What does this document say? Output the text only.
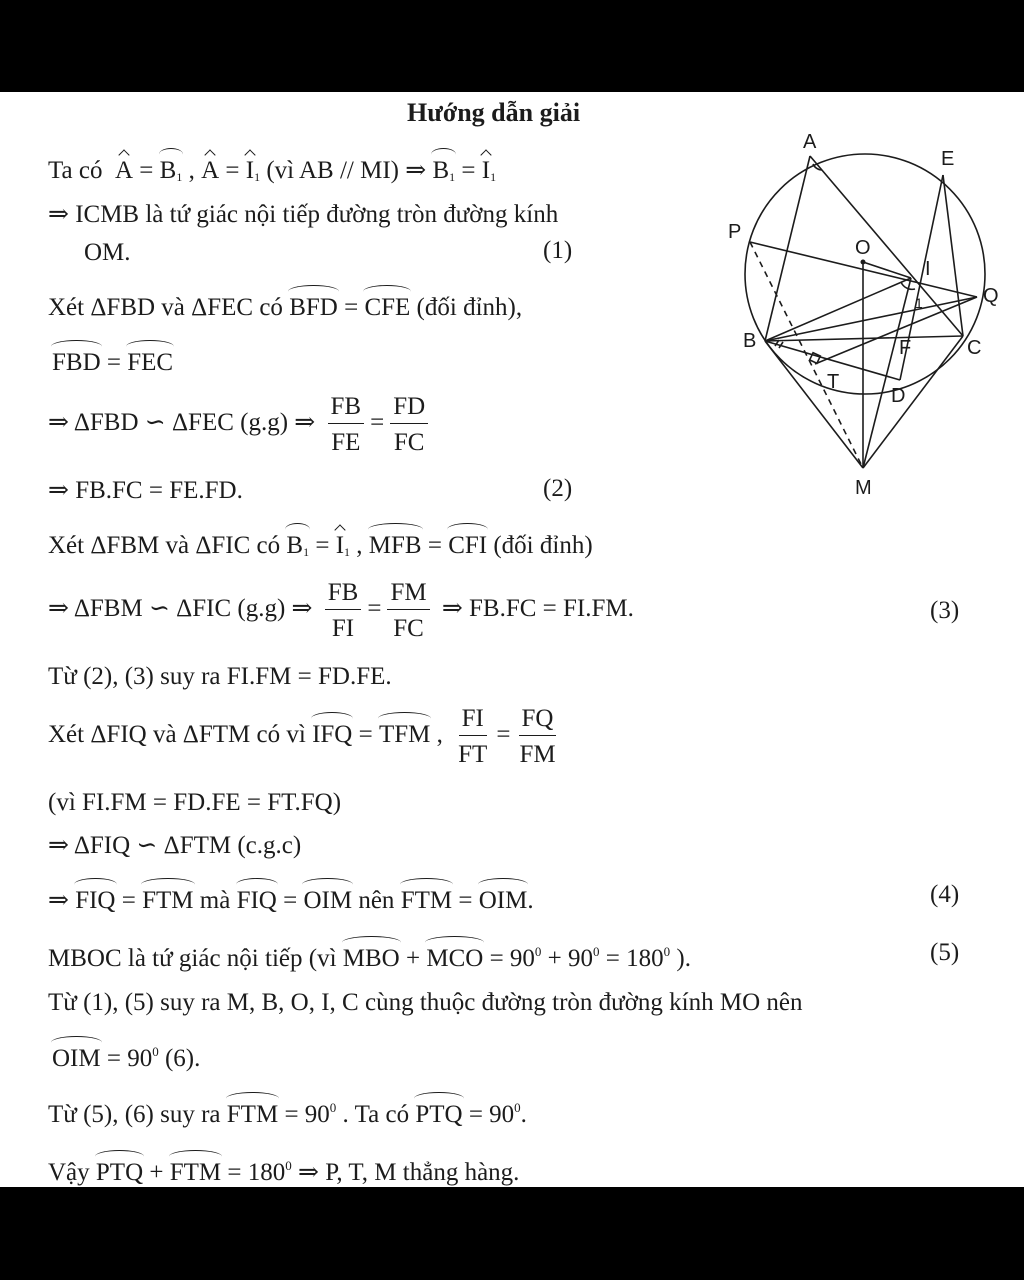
Hướng dẫn giải
Ta có $A = B_1$ , $A = I_1$ (vì AB // MI) ⇒ $B_1 = I_1$
⇒ ICMB là tứ giác nội tiếp đường tròn đường kính
OM.	(1)
Xét ΔFBD và ΔFEC có BFD = CFE (đối đỉnh),
FBD = FEC
⇒ ΔFBD ∽ ΔFEC (g.g) ⇒ $\frac{FB}{FE} = \frac{FD}{FC}$
⇒ FB.FC = FE.FD.	(2)
Xét ΔFBM và ΔFIC có $B_1 = I_1$ , MFB = CFI (đối đỉnh)
⇒ ΔFBM ∽ ΔFIC (g.g) ⇒ $\frac{FB}{FI} = \frac{FM}{FC}$ ⇒ FB.FC = FI.FM.	(3)
Từ (2), (3) suy ra FI.FM = FD.FE.
Xét ΔFIQ và ΔFTM có vì IFQ = TFM , $\frac{FI}{FT} = \frac{FQ}{FM}$
(vì FI.FM = FD.FE = FT.FQ)
⇒ ΔFIQ ∽ ΔFTM (c.g.c)
⇒ FIQ = FTM mà FIQ = OIM nên FTM = OIM.	(4)
MBOC là tứ giác nội tiếp (vì MBO + MCO = $90^0 + 90^0 = 180^0$ ).	(5)
Từ (1), (5) suy ra M, B, O, I, C cùng thuộc đường tròn đường kính MO nên
OIM = $90^0$ (6).
Từ (5), (6) suy ra FTM = $90^0$ . Ta có PTQ = $90^0$.
Vậy PTQ + FTM = $180^0$ ⇒ P, T, M thẳng hàng.
A
E
P
O
I
Q
B	F	C
T
D
M
1
